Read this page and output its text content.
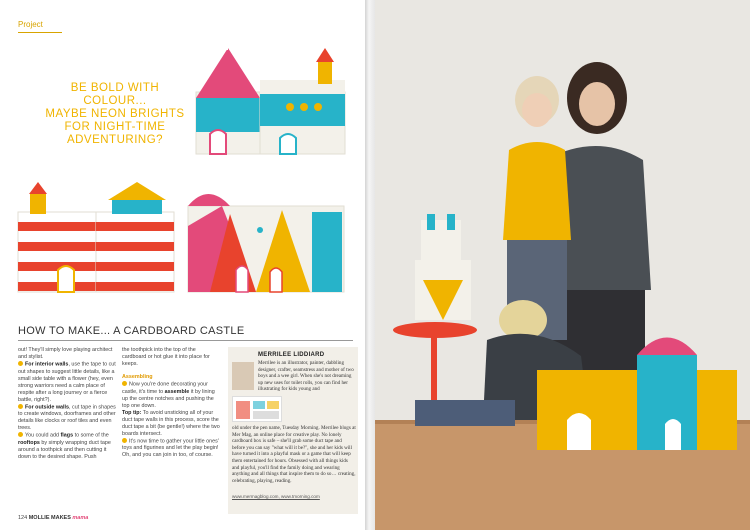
Project
BE BOLD WITH COLOUR...
MAYBE NEON BRIGHTS
FOR NIGHT-TIME
ADVENTURING?
HOW TO MAKE... A CARDBOARD CASTLE

out! They'll simply love playing architect and stylist.

For interior walls, use the tape to cut out shapes to suggest little details, like a small side table with a flower (hey, even strong warriors need a calm place of respite after a long journey or a fierce battle, right?).

For outside walls, cut tape in shapes to create windows, doorframes and other details like clocks or roof tiles and even trees.

You could add flags to some of the rooftops by simply wrapping duct tape around a toothpick and then cutting it down to the desired shape. Push

the toothpick into the top of the cardboard or hot glue it into place for keeps.

Assembling

Now you're done decorating your castle, it's time to assemble it by lining up the centre notches and pushing the top one down.

Top tip: To avoid unsticking all of your duct tape walls in this process, score the duct tape a bit (be gentle!) where the two boards intersect.

It's now time to gather your little ones' toys and figurines and let the play begin! Oh, and you can join in too, of course.

MERRILEE LIDDIARD
Merrilee is an illustrator, painter, dabbling designer, crafter, seamstress and mother of two boys and a wee girl. When she's not dreaming up new uses for toilet rolls, you can find her illustrating for kids young and
old under the pen name, Tuesday Morning. Merrilee blogs at Mer Mag, an online place for creative play. No lonely cardboard box is safe – she'll grab some duct tape and before you can say "what will it be?", she and her kids will have turned it into a playful mask or a game that will keep them entertained for hours. Obsessed with all things kids and playful, you'll find the family doing and wearing anything and all things that inspire them to do so… creating, celebrating, playing, reading.
www.mermagblog.com, www.tmorning.com
124 MOLLIE MAKES mama
